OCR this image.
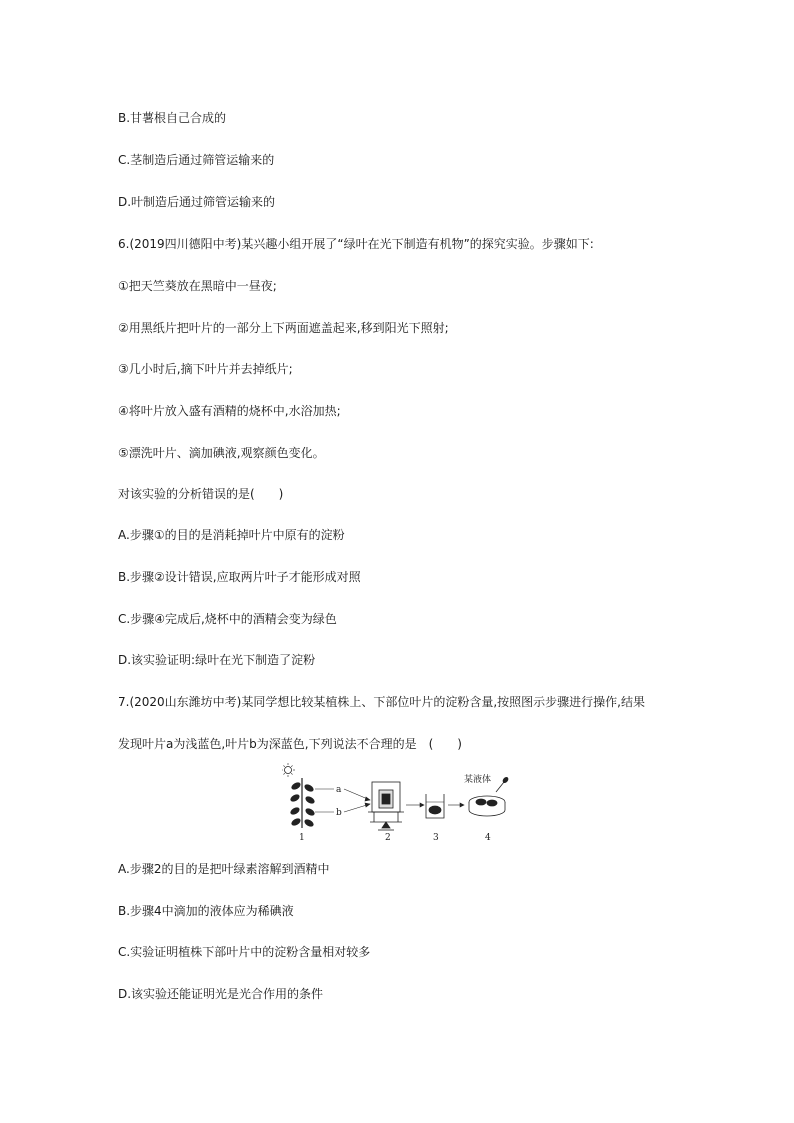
B.甘薯根自己合成的
C.茎制造后通过筛管运输来的
D.叶制造后通过筛管运输来的
6.(2019四川德阳中考)某兴趣小组开展了“绿叶在光下制造有机物”的探究实验。步骤如下:
①把天竺葵放在黑暗中一昼夜;
②用黑纸片把叶片的一部分上下两面遮盖起来,移到阳光下照射;
③几小时后,摘下叶片并去掉纸片;
④将叶片放入盛有酒精的烧杯中,水浴加热;
⑤漂洗叶片、滴加碘液,观察颜色变化。
对该实验的分析错误的是(　　)
A.步骤①的目的是消耗掉叶片中原有的淀粉
B.步骤②设计错误,应取两片叶子才能形成对照
C.步骤④完成后,烧杯中的酒精会变为绿色
D.该实验证明:绿叶在光下制造了淀粉
7.(2020山东潍坊中考)某同学想比较某植株上、下部位叶片的淀粉含量,按照图示步骤进行操作,结果
发现叶片a为浅蓝色,叶片b为深蓝色,下列说法不合理的是　(　　)
a
b
某液体
1	2	3	4
A.步骤2的目的是把叶绿素溶解到酒精中
B.步骤4中滴加的液体应为稀碘液
C.实验证明植株下部叶片中的淀粉含量相对较多
D.该实验还能证明光是光合作用的条件
